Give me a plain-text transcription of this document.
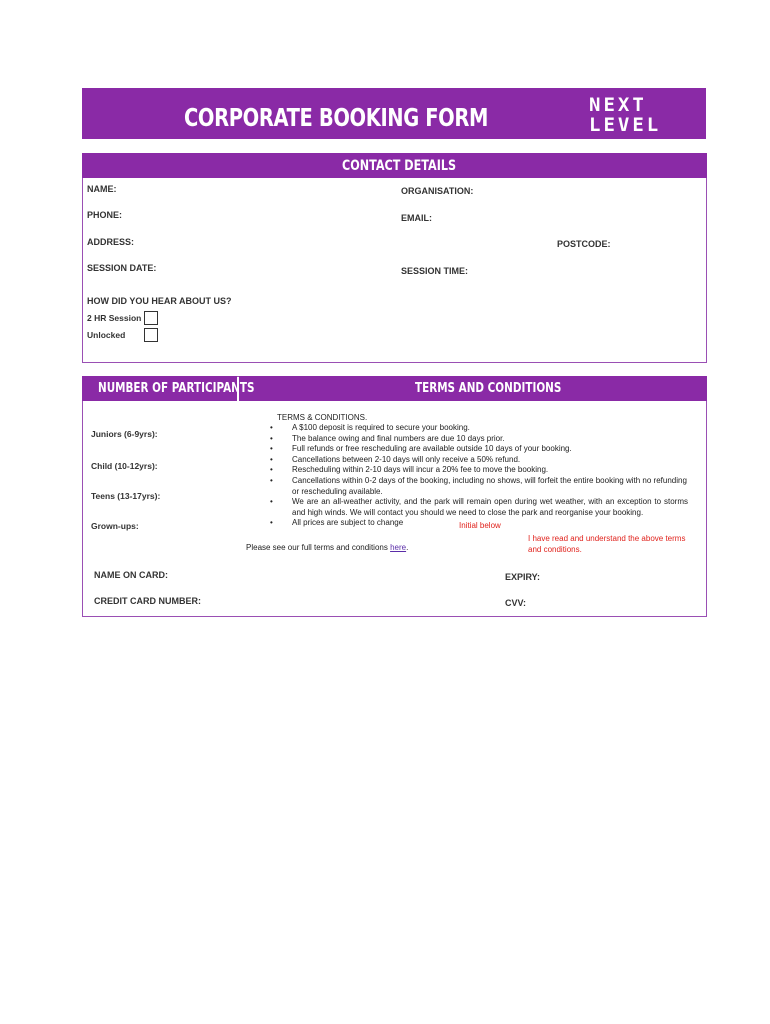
CORPORATE BOOKING FORM	NEXT
LEVEL
CONTACT DETAILS
NAME:	ORGANISATION:
PHONE:	EMAIL:
ADDRESS:	POSTCODE:
SESSION DATE:	SESSION TIME:
HOW DID YOU HEAR ABOUT US?
2 HR Session
Unlocked
NUMBER OF PARTICIPANTS	TERMS AND CONDITIONS
Juniors (6-9yrs):
Child (10-12yrs):
Teens (13-17yrs):
Grown-ups:
TERMS & CONDITIONS.
• A $100 deposit is required to secure your booking.
• The balance owing and final numbers are due 10 days prior.
• Full refunds or free rescheduling are available outside 10 days of your booking.
• Cancellations between 2-10 days will only receive a 50% refund.
• Rescheduling within 2-10 days will incur a 20% fee to move the booking.
• Cancellations within 0-2 days of the booking, including no shows, will forfeit the entire booking with no refunding or rescheduling available.
• We are an all-weather activity, and the park will remain open during wet weather, with an exception to storms and high winds. We will contact you should we need to close the park and reorganise your booking.
• All prices are subject to change	Initial below
I have read and understand the above terms and conditions.
Please see our full terms and conditions here.
NAME ON CARD:	EXPIRY:
CREDIT CARD NUMBER:	CVV:
